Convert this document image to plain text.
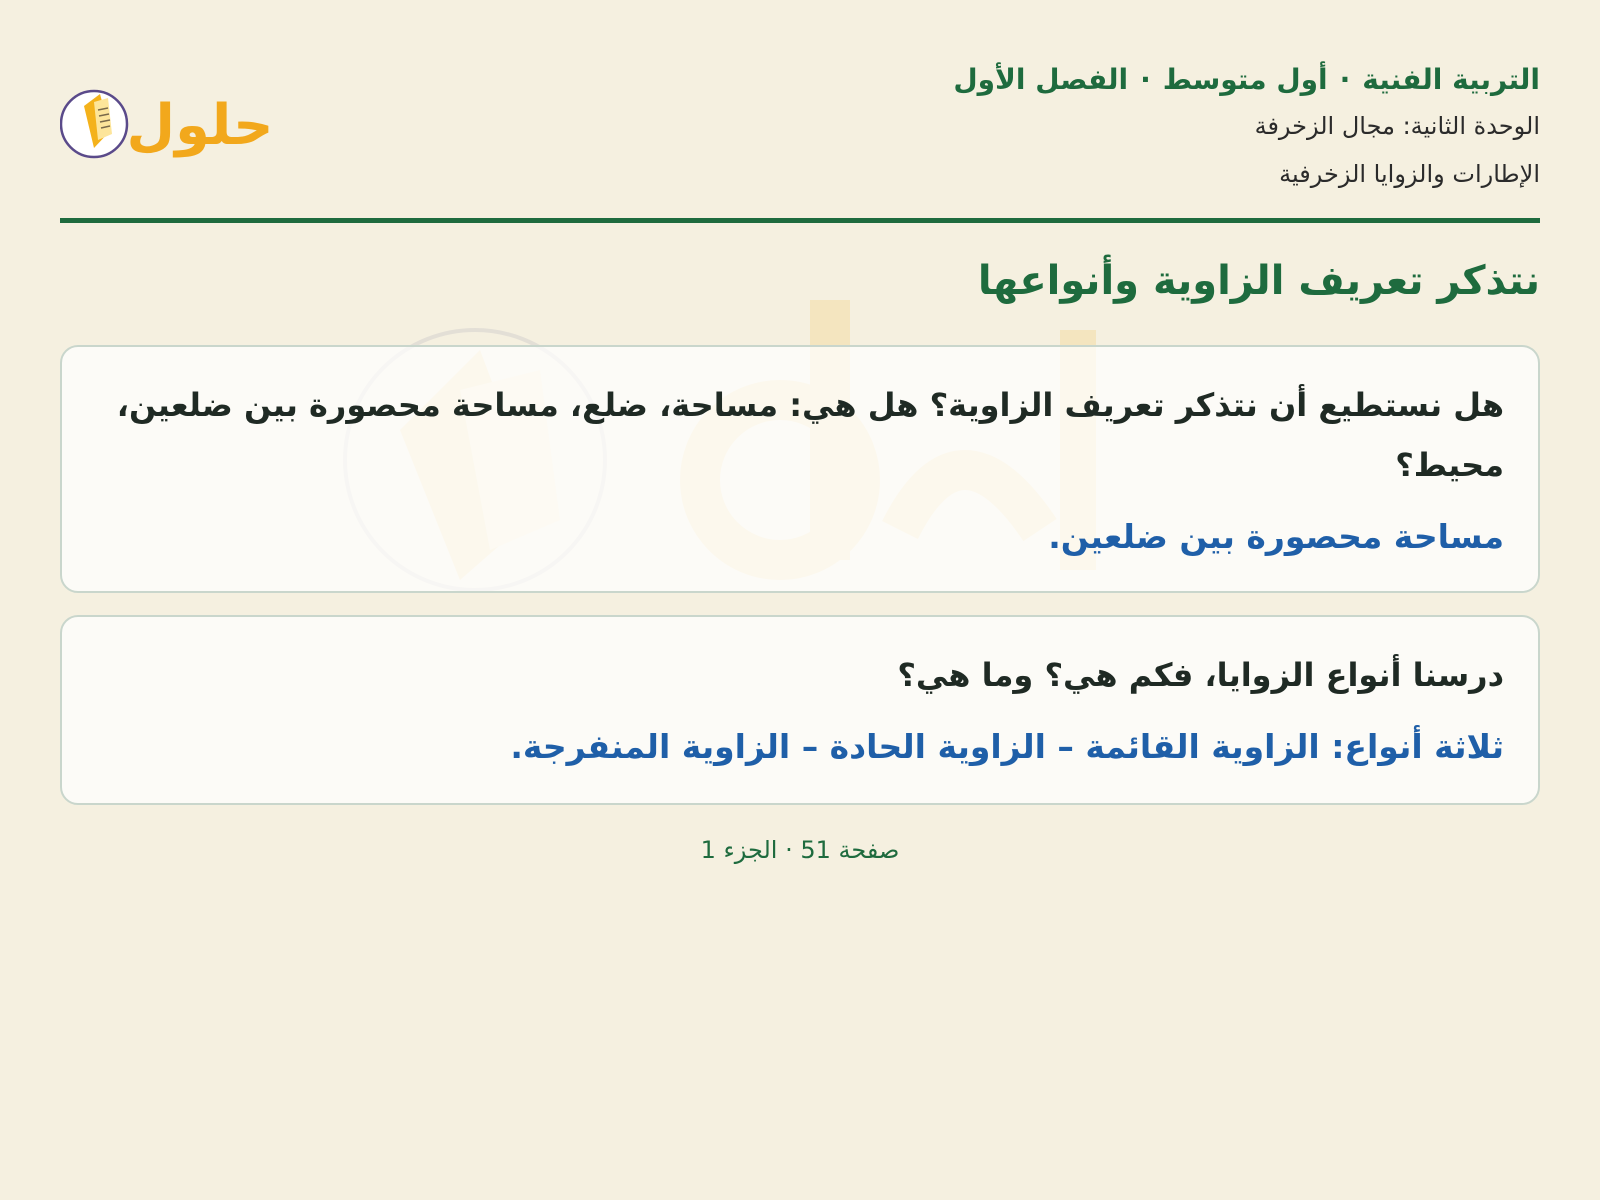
التربية الفنية
·
أول متوسط
·
الفصل الأول
الوحدة الثانية: مجال الزخرفة
الإطارات والزوايا الزخرفية
حلول
نتذكر تعريف الزاوية وأنواعها
هل نستطيع أن نتذكر تعريف الزاوية؟ هل هي: مساحة، ضلع، مساحة محصورة بين ضلعين، محيط؟
مساحة محصورة بين ضلعين.
درسنا أنواع الزوايا، فكم هي؟ وما هي؟
ثلاثة أنواع: الزاوية القائمة – الزاوية الحادة – الزاوية المنفرجة.
صفحة 51 · الجزء 1
